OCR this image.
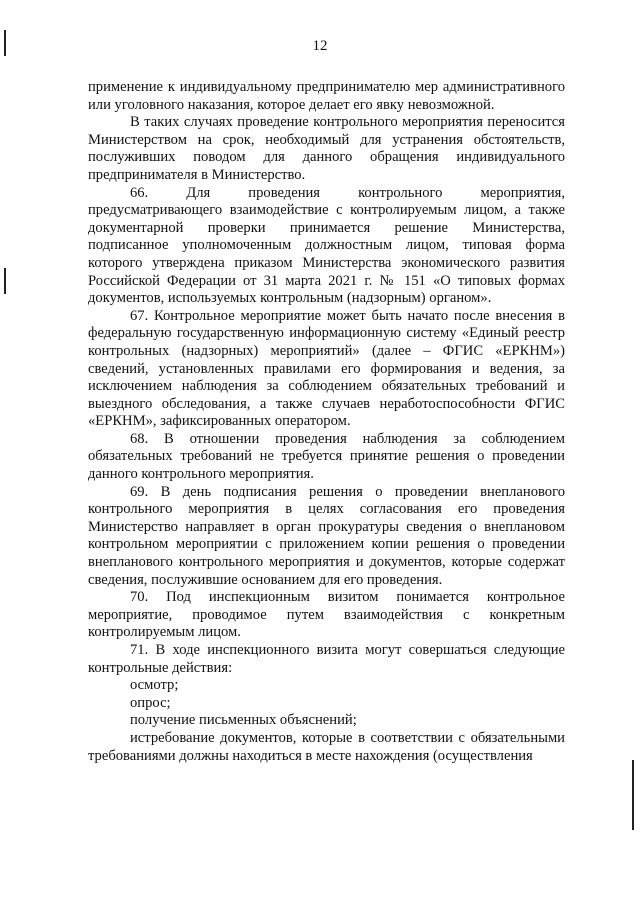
12

применение к индивидуальному предпринимателю мер административного или уголовного наказания, которое делает его явку невозможной.

В таких случаях проведение контрольного мероприятия переносится Министерством на срок, необходимый для устранения обстоятельств, послуживших поводом для данного обращения индивидуального предпринимателя в Министерство.

66. Для проведения контрольного мероприятия, предусматривающего взаимодействие с контролируемым лицом, а также документарной проверки принимается решение Министерства, подписанное уполномоченным должностным лицом, типовая форма которого утверждена приказом Министерства экономического развития Российской Федерации от 31 марта 2021 г. № 151 «О типовых формах документов, используемых контрольным (надзорным) органом».

67. Контрольное мероприятие может быть начато после внесения в федеральную государственную информационную систему «Единый реестр контрольных (надзорных) мероприятий» (далее – ФГИС «ЕРКНМ») сведений, установленных правилами его формирования и ведения, за исключением наблюдения за соблюдением обязательных требований и выездного обследования, а также случаев неработоспособности ФГИС «ЕРКНМ», зафиксированных оператором.

68. В отношении проведения наблюдения за соблюдением обязательных требований не требуется принятие решения о проведении данного контрольного мероприятия.

69. В день подписания решения о проведении внепланового контрольного мероприятия в целях согласования его проведения Министерство направляет в орган прокуратуры сведения о внеплановом контрольном мероприятии с приложением копии решения о проведении внепланового контрольного мероприятия и документов, которые содержат сведения, послужившие основанием для его проведения.

70. Под инспекционным визитом понимается контрольное мероприятие, проводимое путем взаимодействия с конкретным контролируемым лицом.

71. В ходе инспекционного визита могут совершаться следующие контрольные действия:

осмотр;

опрос;

получение письменных объяснений;

истребование документов, которые в соответствии с обязательными требованиями должны находиться в месте нахождения (осуществления
